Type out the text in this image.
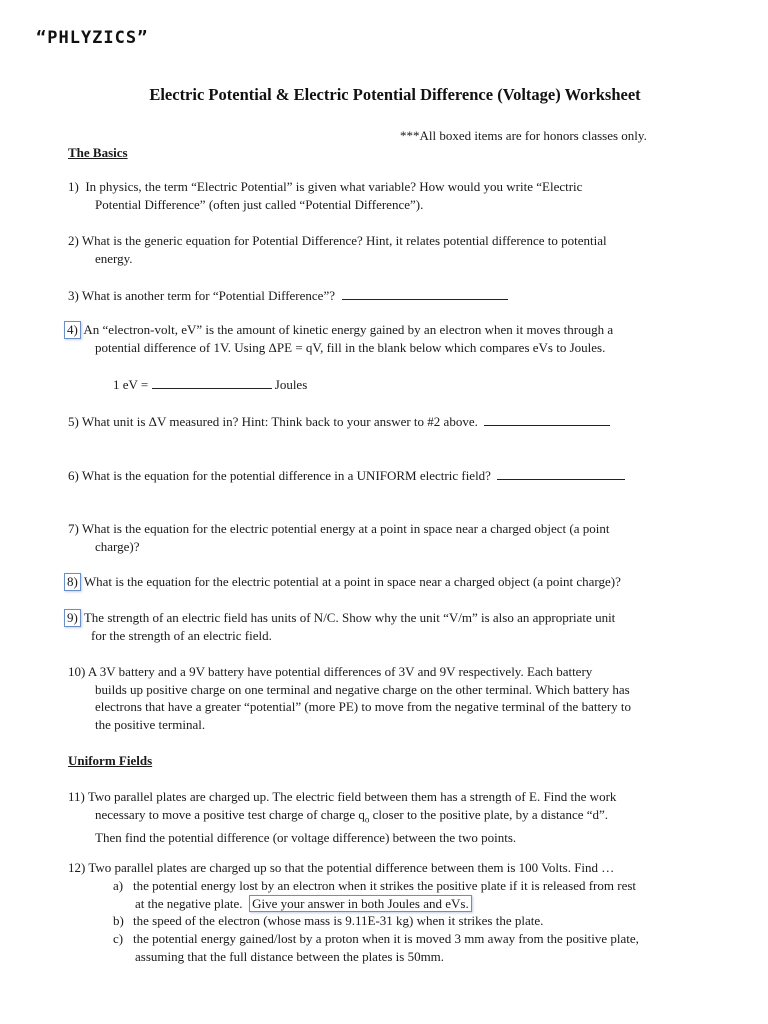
“PHLYZICS”
Electric Potential & Electric Potential Difference (Voltage) Worksheet
***All boxed items are for honors classes only.
The Basics
1) In physics, the term “Electric Potential” is given what variable? How would you write “Electric
Potential Difference” (often just called “Potential Difference”).
2) What is the generic equation for Potential Difference? Hint, it relates potential difference to potential
energy.
3) What is another term for “Potential Difference”?
4) An “electron-volt, eV” is the amount of kinetic energy gained by an electron when it moves through a
potential difference of 1V. Using ΔPE = qV, fill in the blank below which compares eVs to Joules.
1 eV =	Joules
5) What unit is ΔV measured in? Hint: Think back to your answer to #2 above.
6) What is the equation for the potential difference in a UNIFORM electric field?
7) What is the equation for the electric potential energy at a point in space near a charged object (a point
charge)?
8) What is the equation for the electric potential at a point in space near a charged object (a point charge)?
9) The strength of an electric field has units of N/C. Show why the unit “V/m” is also an appropriate unit
for the strength of an electric field.
10) A 3V battery and a 9V battery have potential differences of 3V and 9V respectively. Each battery
builds up positive charge on one terminal and negative charge on the other terminal. Which battery has
electrons that have a greater “potential” (more PE) to move from the negative terminal of the battery to
the positive terminal.
Uniform Fields
11) Two parallel plates are charged up. The electric field between them has a strength of E. Find the work
necessary to move a positive test charge of charge $q_o$ closer to the positive plate, by a distance “d”.
Then find the potential difference (or voltage difference) between the two points.
12) Two parallel plates are charged up so that the potential difference between them is 100 Volts. Find …
a) the potential energy lost by an electron when it strikes the positive plate if it is released from rest
at the negative plate. Give your answer in both Joules and eVs.
b) the speed of the electron (whose mass is 9.11E-31 kg) when it strikes the plate.
c) the potential energy gained/lost by a proton when it is moved 3 mm away from the positive plate,
assuming that the full distance between the plates is 50mm.
